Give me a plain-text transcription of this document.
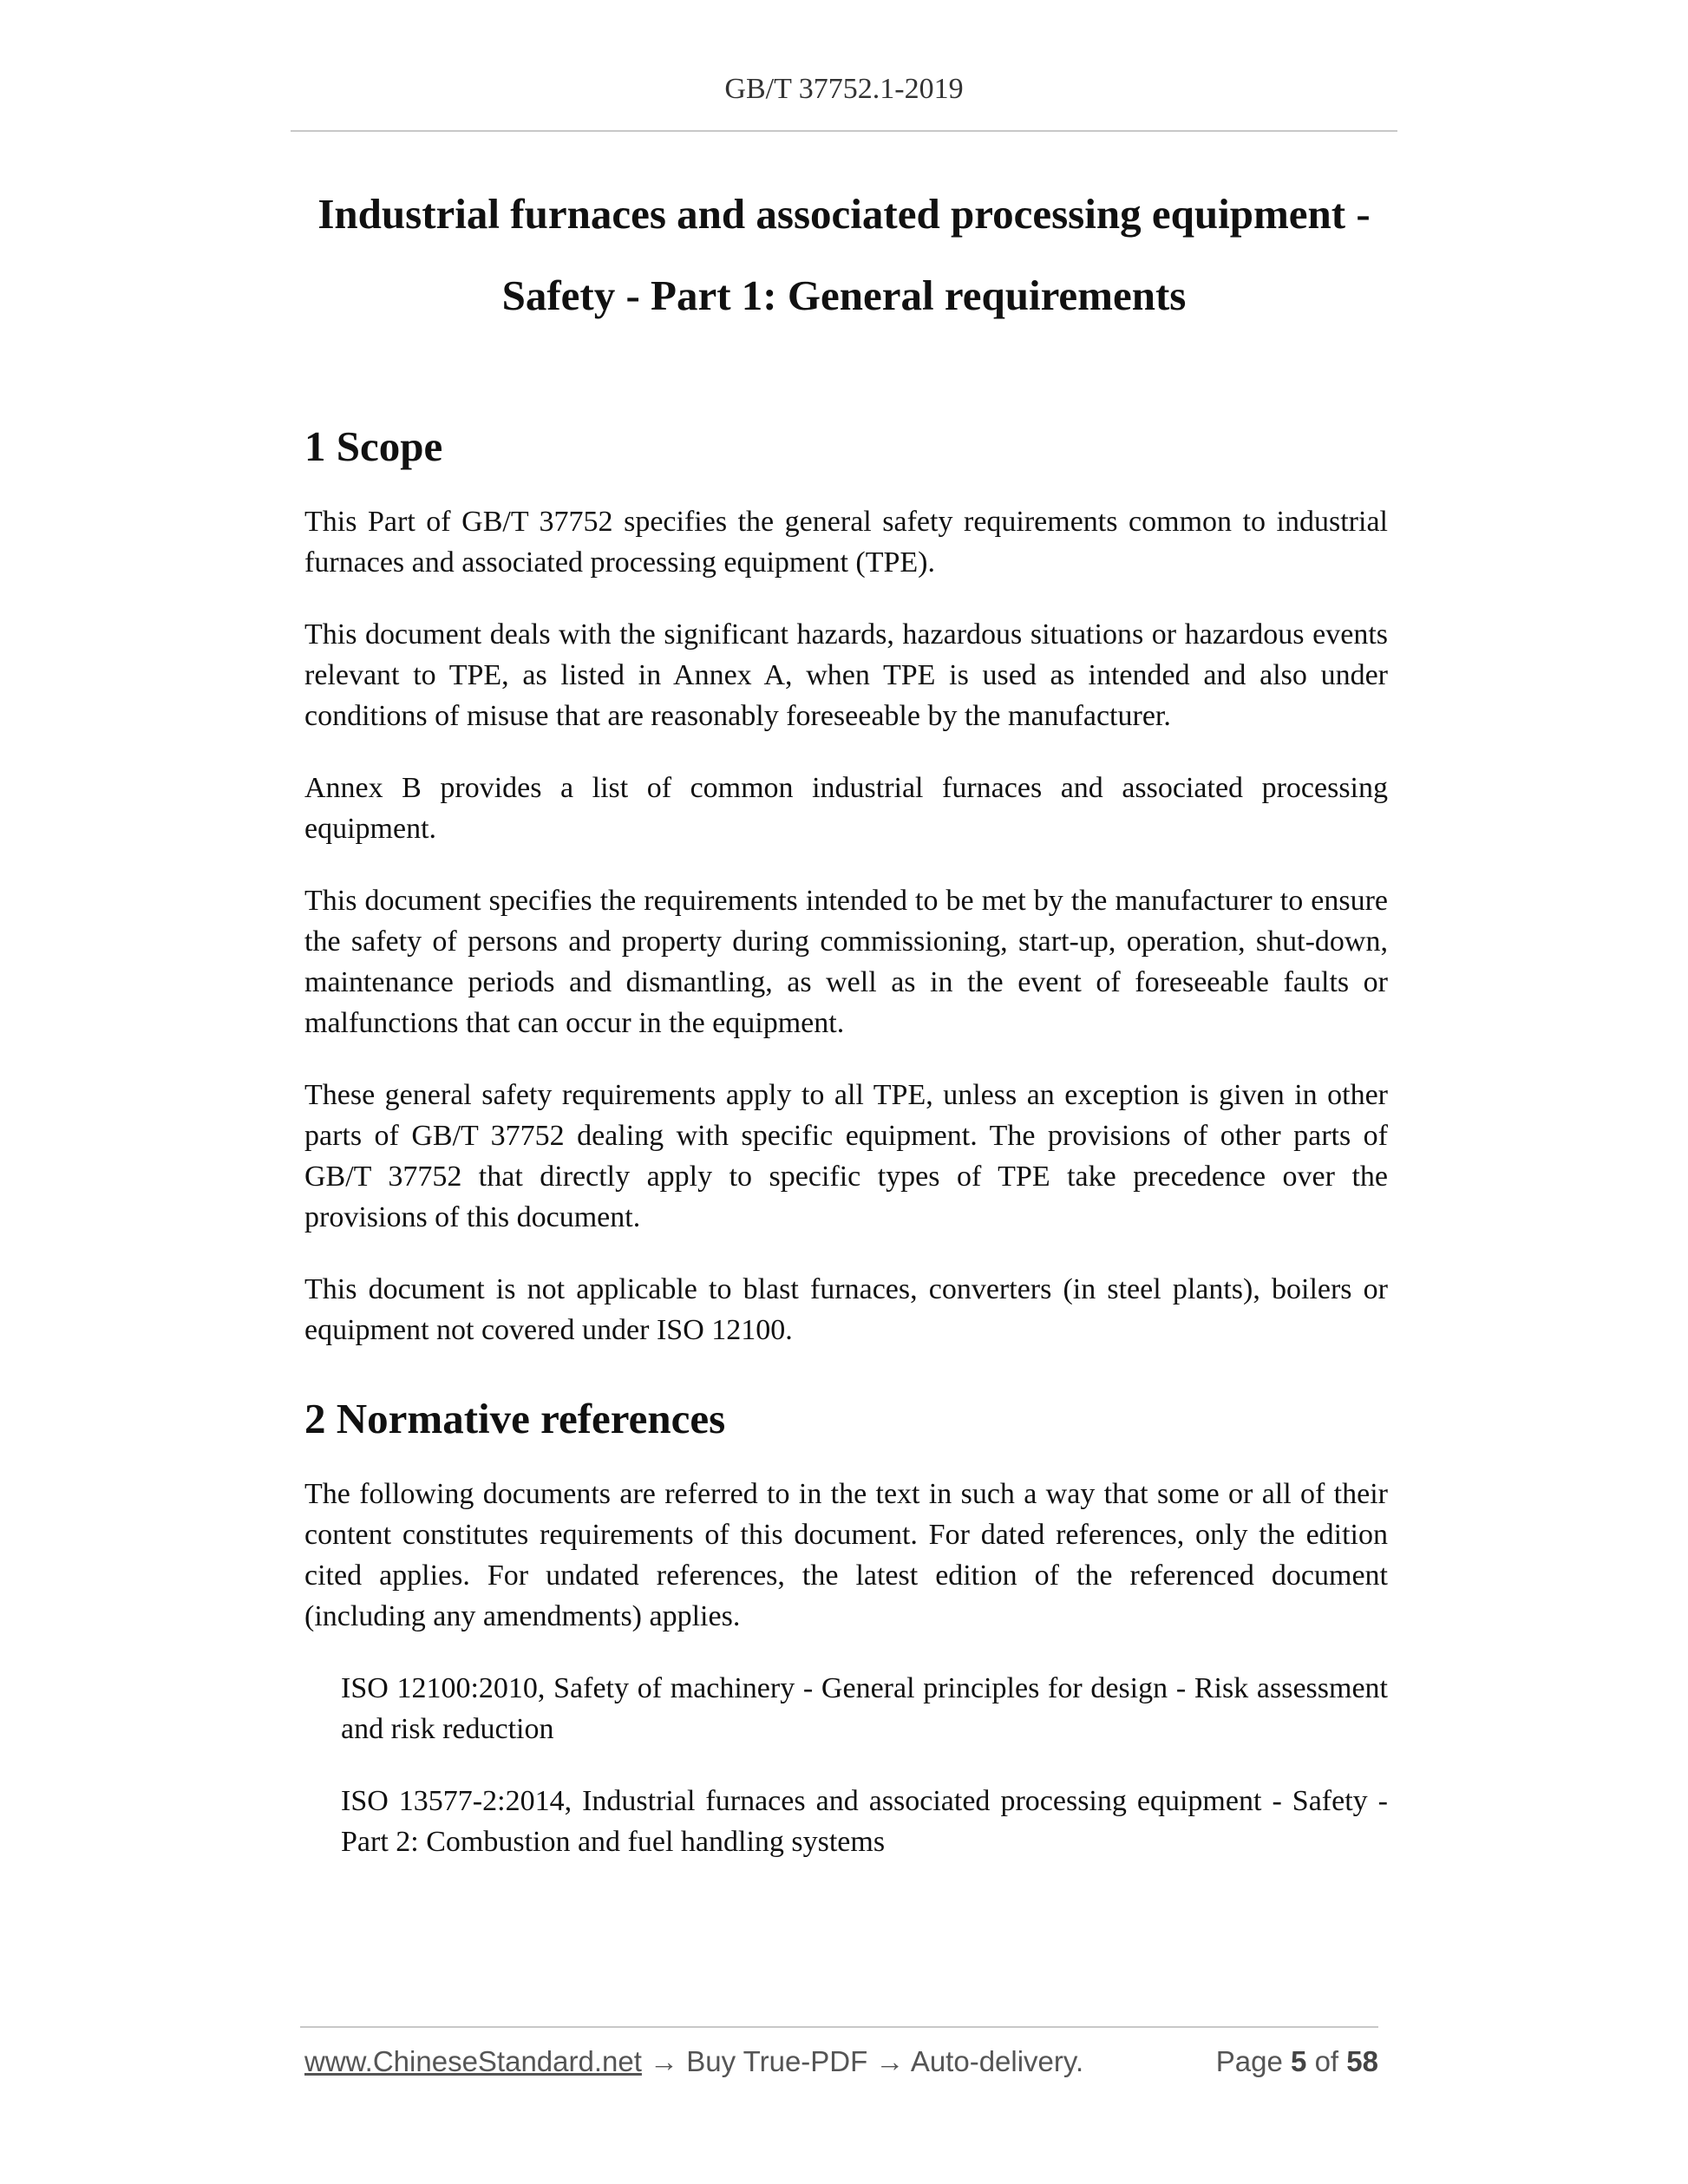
GB/T 37752.1-2019
Industrial furnaces and associated processing equipment -
Safety - Part 1: General requirements
1 Scope

This Part of GB/T 37752 specifies the general safety requirements common to industrial furnaces and associated processing equipment (TPE).

This document deals with the significant hazards, hazardous situations or hazardous events relevant to TPE, as listed in Annex A, when TPE is used as intended and also under conditions of misuse that are reasonably foreseeable by the manufacturer.

Annex B provides a list of common industrial furnaces and associated processing equipment.

This document specifies the requirements intended to be met by the manufacturer to ensure the safety of persons and property during commissioning, start-up, operation, shut-down, maintenance periods and dismantling, as well as in the event of foreseeable faults or malfunctions that can occur in the equipment.

These general safety requirements apply to all TPE, unless an exception is given in other parts of GB/T 37752 dealing with specific equipment. The provisions of other parts of GB/T 37752 that directly apply to specific types of TPE take precedence over the provisions of this document.

This document is not applicable to blast furnaces, converters (in steel plants), boilers or equipment not covered under ISO 12100.

2 Normative references

The following documents are referred to in the text in such a way that some or all of their content constitutes requirements of this document. For dated references, only the edition cited applies. For undated references, the latest edition of the referenced document (including any amendments) applies.

ISO 12100:2010, Safety of machinery - General principles for design - Risk assessment and risk reduction

ISO 13577-2:2014, Industrial furnaces and associated processing equipment - Safety - Part 2: Combustion and fuel handling systems

www.ChineseStandard.net → Buy True-PDF → Auto-delivery.	Page 5 of 58
